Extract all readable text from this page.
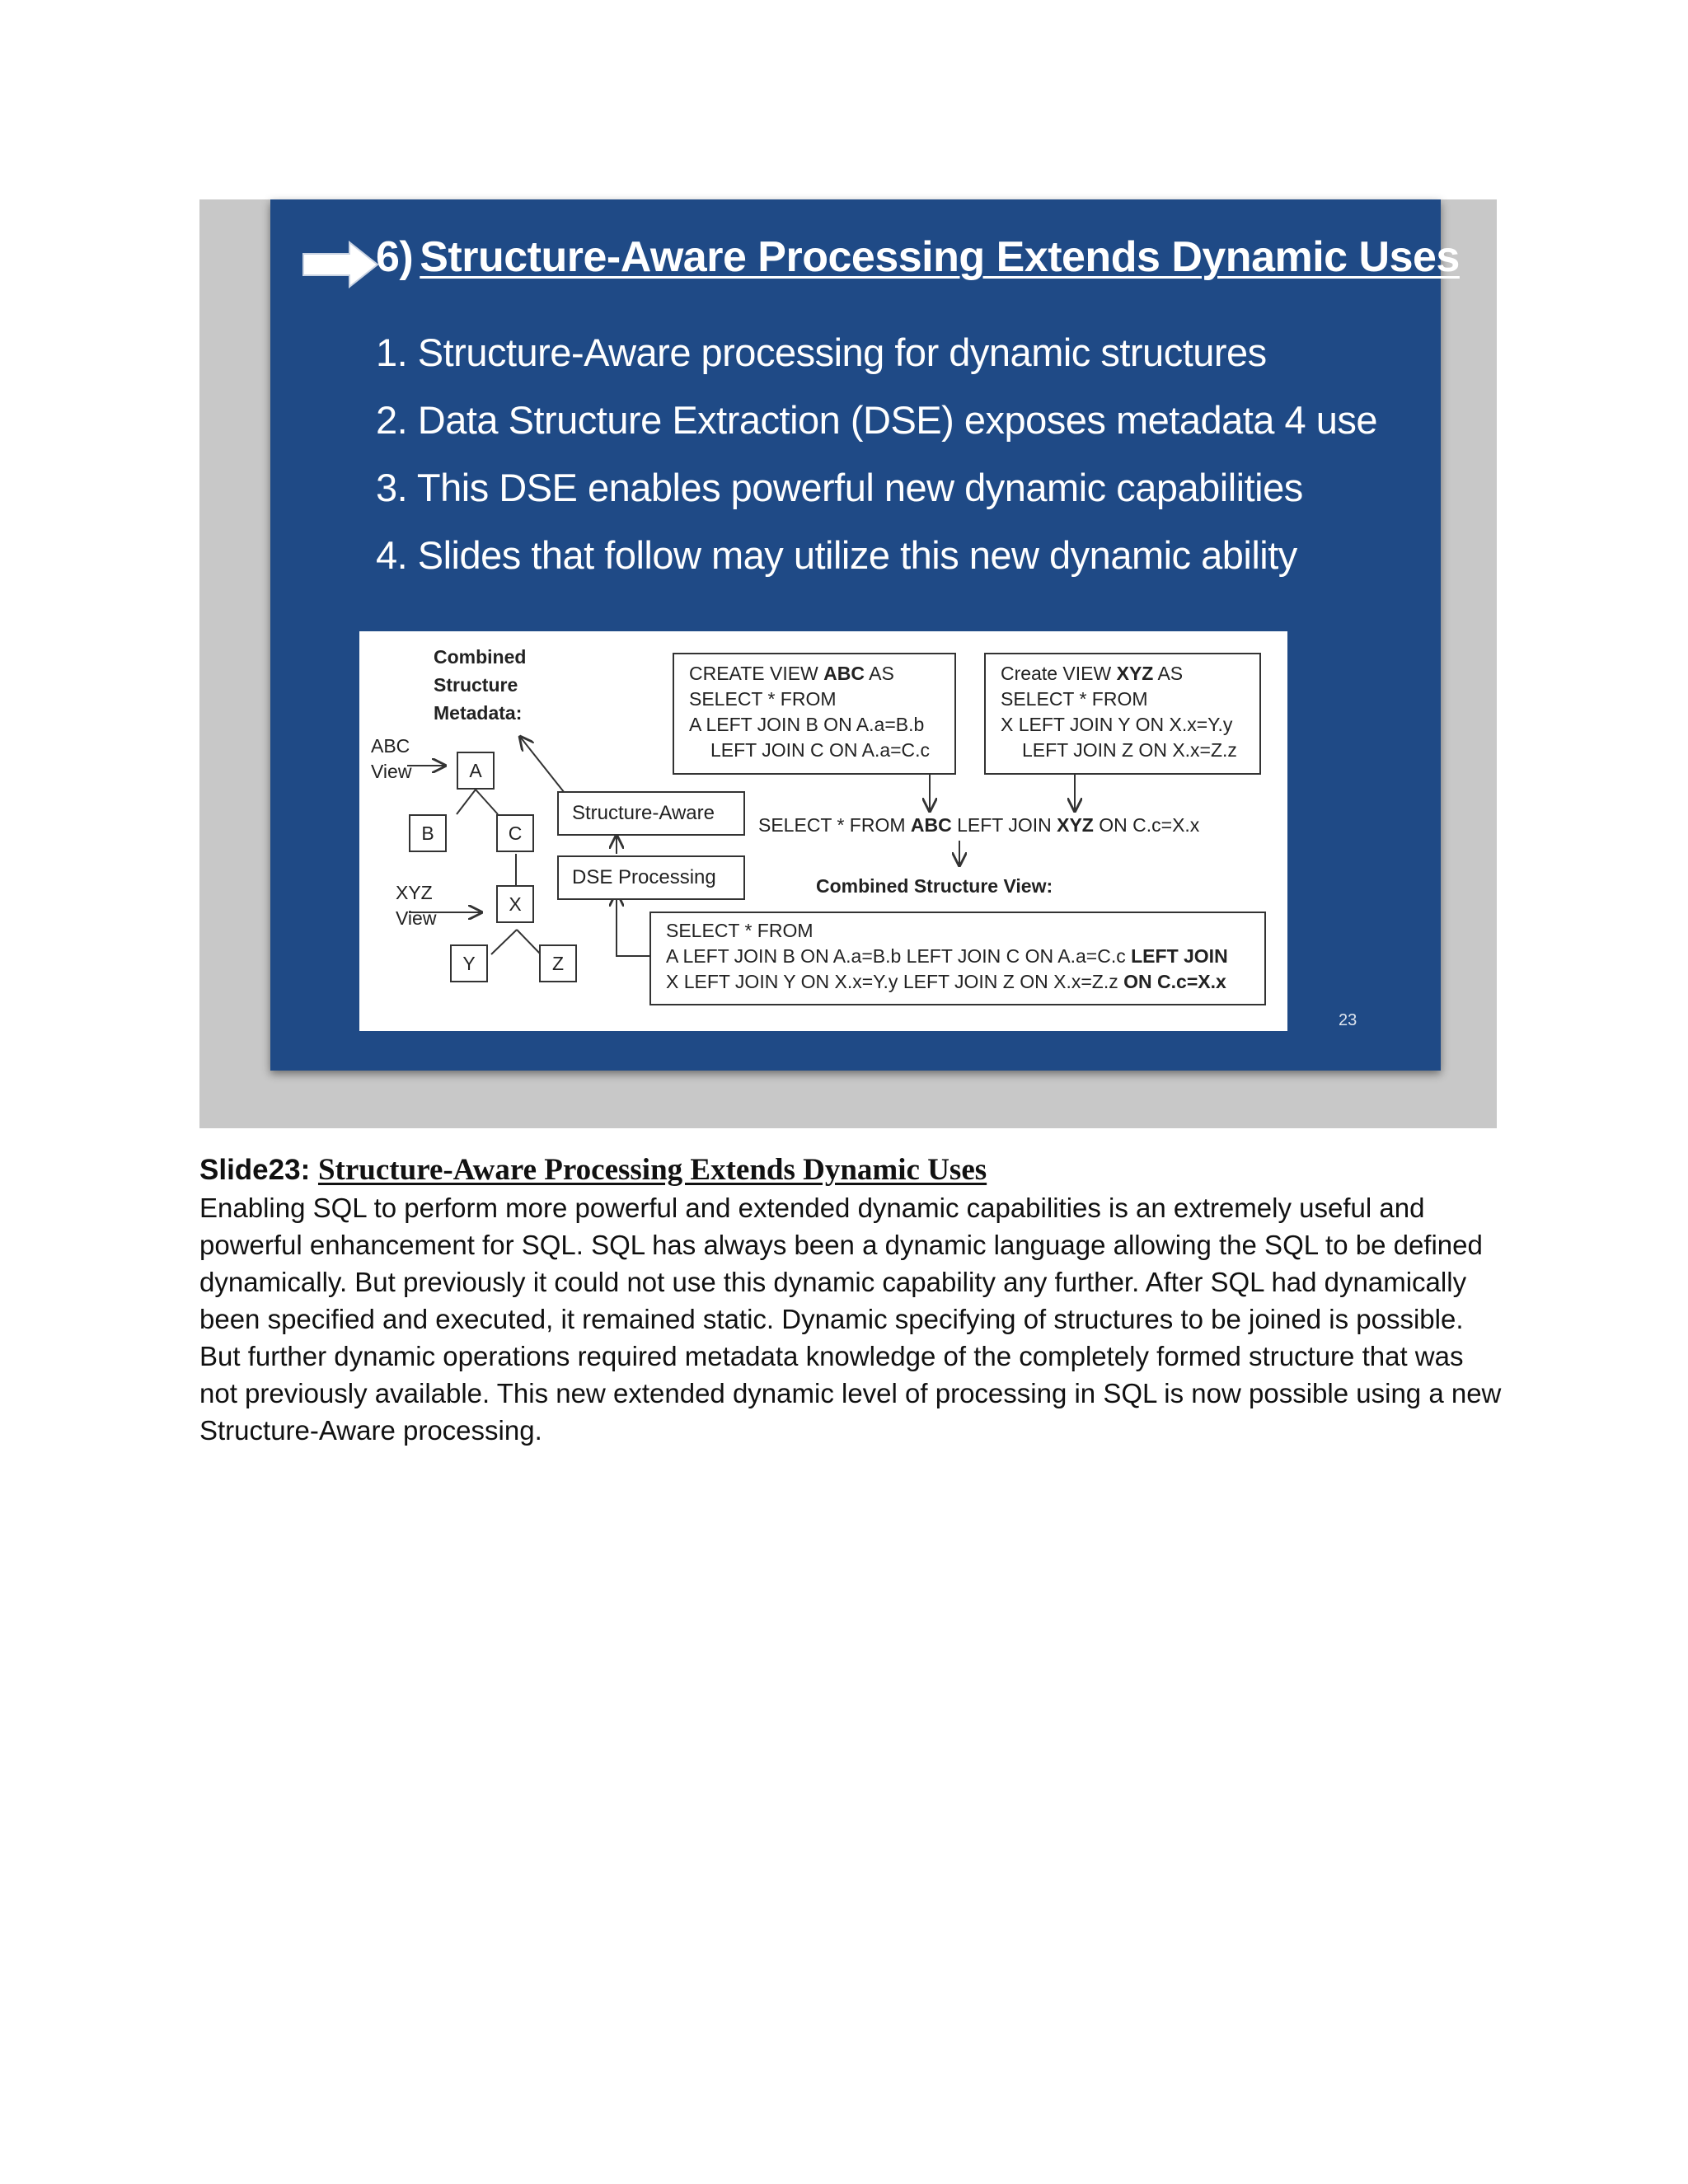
6) Structure-Aware Processing Extends Dynamic Uses
1. Structure-Aware processing for dynamic structures
2. Data Structure Extraction (DSE) exposes metadata 4 use
3. This DSE enables powerful new dynamic capabilities
4. Slides that follow may utilize this new dynamic ability
Combined
Structure
Metadata:
ABC
View
XYZ
View
A
B	C
X
Y	Z
Structure-Aware
DSE Processing
CREATE VIEW ABC AS
SELECT * FROM
A LEFT JOIN B ON A.a=B.b
LEFT JOIN C ON A.a=C.c
Create VIEW XYZ AS
SELECT * FROM
X LEFT JOIN Y ON X.x=Y.y
LEFT JOIN Z ON X.x=Z.z
SELECT * FROM ABC LEFT JOIN XYZ ON C.c=X.x
Combined Structure View:
SELECT * FROM
A LEFT JOIN B ON A.a=B.b LEFT JOIN C ON A.a=C.c LEFT JOIN
X LEFT JOIN Y ON X.x=Y.y LEFT JOIN Z ON X.x=Z.z ON C.c=X.x
23
Slide23: Structure-Aware Processing Extends Dynamic Uses
Enabling SQL to perform more powerful and extended dynamic capabilities is an extremely useful and powerful enhancement for SQL. SQL has always been a dynamic language allowing the SQL to be defined dynamically. But previously it could not use this dynamic capability any further. After SQL had dynamically been specified and executed, it remained static. Dynamic specifying of structures to be joined is possible. But further dynamic operations required metadata knowledge of the completely formed structure that was not previously available. This new extended dynamic level of processing in SQL is now possible using a new Structure-Aware processing.
